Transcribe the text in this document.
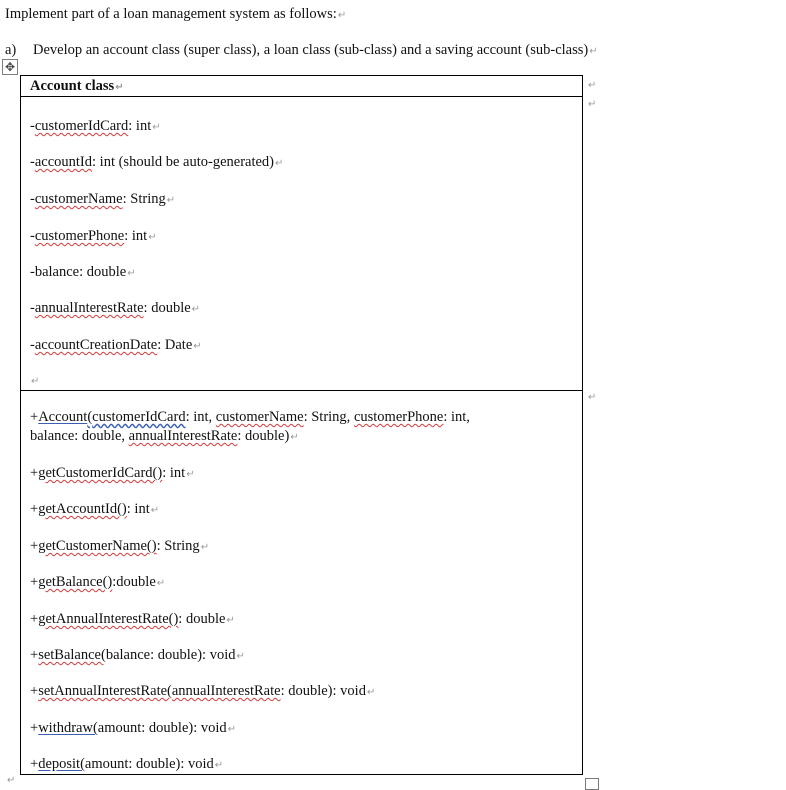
Implement part of a loan management system as follows:↵
a) Develop an account class (super class), a loan class (sub-class) and a saving account (sub-class)↵
✥
Account class↵
-customerIdCard: int↵
-accountId: int (should be auto-generated)↵
-customerName: String↵
-customerPhone: int↵
-balance: double↵
-annualInterestRate: double↵
-accountCreationDate: Date↵
↵
+Account(customerIdCard: int, customerName: String, customerPhone: int,
balance: double, annualInterestRate: double)↵
+getCustomerIdCard(): int↵
+getAccountId(): int↵
+getCustomerName(): String↵
+getBalance():double↵
+getAnnualInterestRate(): double↵
+setBalance(balance: double): void↵
+setAnnualInterestRate(annualInterestRate: double): void↵
+withdraw(amount: double): void↵
+deposit(amount: double): void↵
↵
↵
↵
↵
